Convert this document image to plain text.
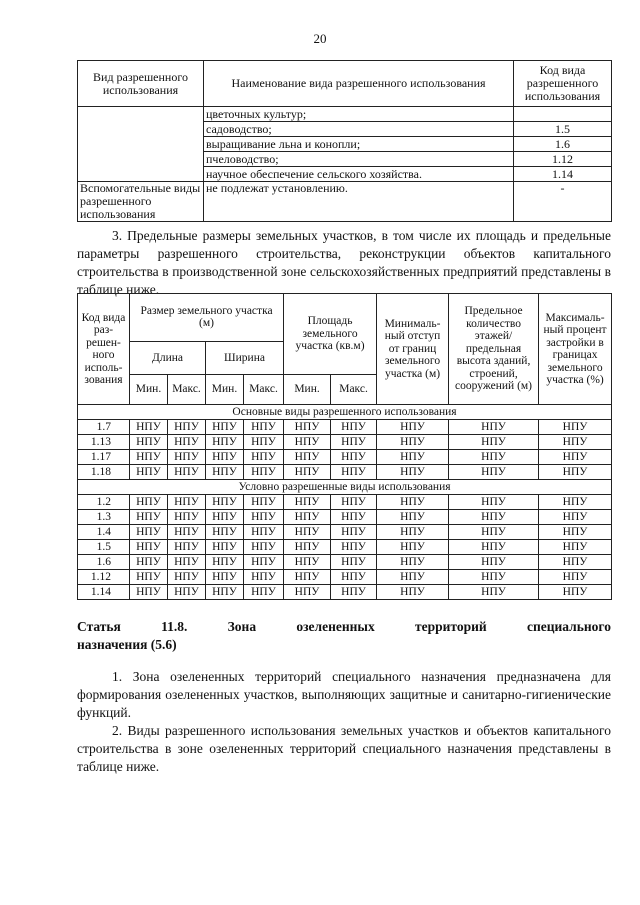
20
Вид разрешенного использования	Наименование вида разрешенного использования	Код вида разрешенного использования
	цветочных культур;	
	садоводство;	1.5
	выращивание льна и конопли;	1.6
	пчеловодство;	1.12
	научное обеспечение сельского хозяйства.	1.14
Вспомогательные виды разрешенного использования	не подлежат установлению.	-
3. Предельные размеры земельных участков, в том числе их площадь и предельные параметры разрешенного строительства, реконструкции объектов капитального строительства в производственной зоне сельскохозяйственных предприятий представлены в таблице ниже.
Код вида раз-решен-ного исполь-зования	Размер земельного участка (м)				Площадь земельного участка (кв.м)		Минималь-ный отступ от границ земельного участка (м)	Предельное количество этажей/ предельная высота зданий, строений, сооружений (м)	Максималь-ный процент застройки в границах земельного участка (%)
	Длина		Ширина						
	Мин.	Макс.	Мин.	Макс.	Мин.	Макс.			
Основные виды разрешенного использования									
1.7	НПУ	НПУ	НПУ	НПУ	НПУ	НПУ	НПУ	НПУ	НПУ
1.13	НПУ	НПУ	НПУ	НПУ	НПУ	НПУ	НПУ	НПУ	НПУ
1.17	НПУ	НПУ	НПУ	НПУ	НПУ	НПУ	НПУ	НПУ	НПУ
1.18	НПУ	НПУ	НПУ	НПУ	НПУ	НПУ	НПУ	НПУ	НПУ
Условно разрешенные виды использования									
1.2	НПУ	НПУ	НПУ	НПУ	НПУ	НПУ	НПУ	НПУ	НПУ
1.3	НПУ	НПУ	НПУ	НПУ	НПУ	НПУ	НПУ	НПУ	НПУ
1.4	НПУ	НПУ	НПУ	НПУ	НПУ	НПУ	НПУ	НПУ	НПУ
1.5	НПУ	НПУ	НПУ	НПУ	НПУ	НПУ	НПУ	НПУ	НПУ
1.6	НПУ	НПУ	НПУ	НПУ	НПУ	НПУ	НПУ	НПУ	НПУ
1.12	НПУ	НПУ	НПУ	НПУ	НПУ	НПУ	НПУ	НПУ	НПУ
1.14	НПУ	НПУ	НПУ	НПУ	НПУ	НПУ	НПУ	НПУ	НПУ
Статья	11.8.	Зона	озелененных	территорий	специального
назначения (5.6)
1. Зона озелененных территорий специального назначения предназначена для формирования озелененных участков, выполняющих защитные и санитарно-гигиенические функций.
2. Виды разрешенного использования земельных участков и объектов капитального строительства в зоне озелененных территорий специального назначения представлены в таблице ниже.
